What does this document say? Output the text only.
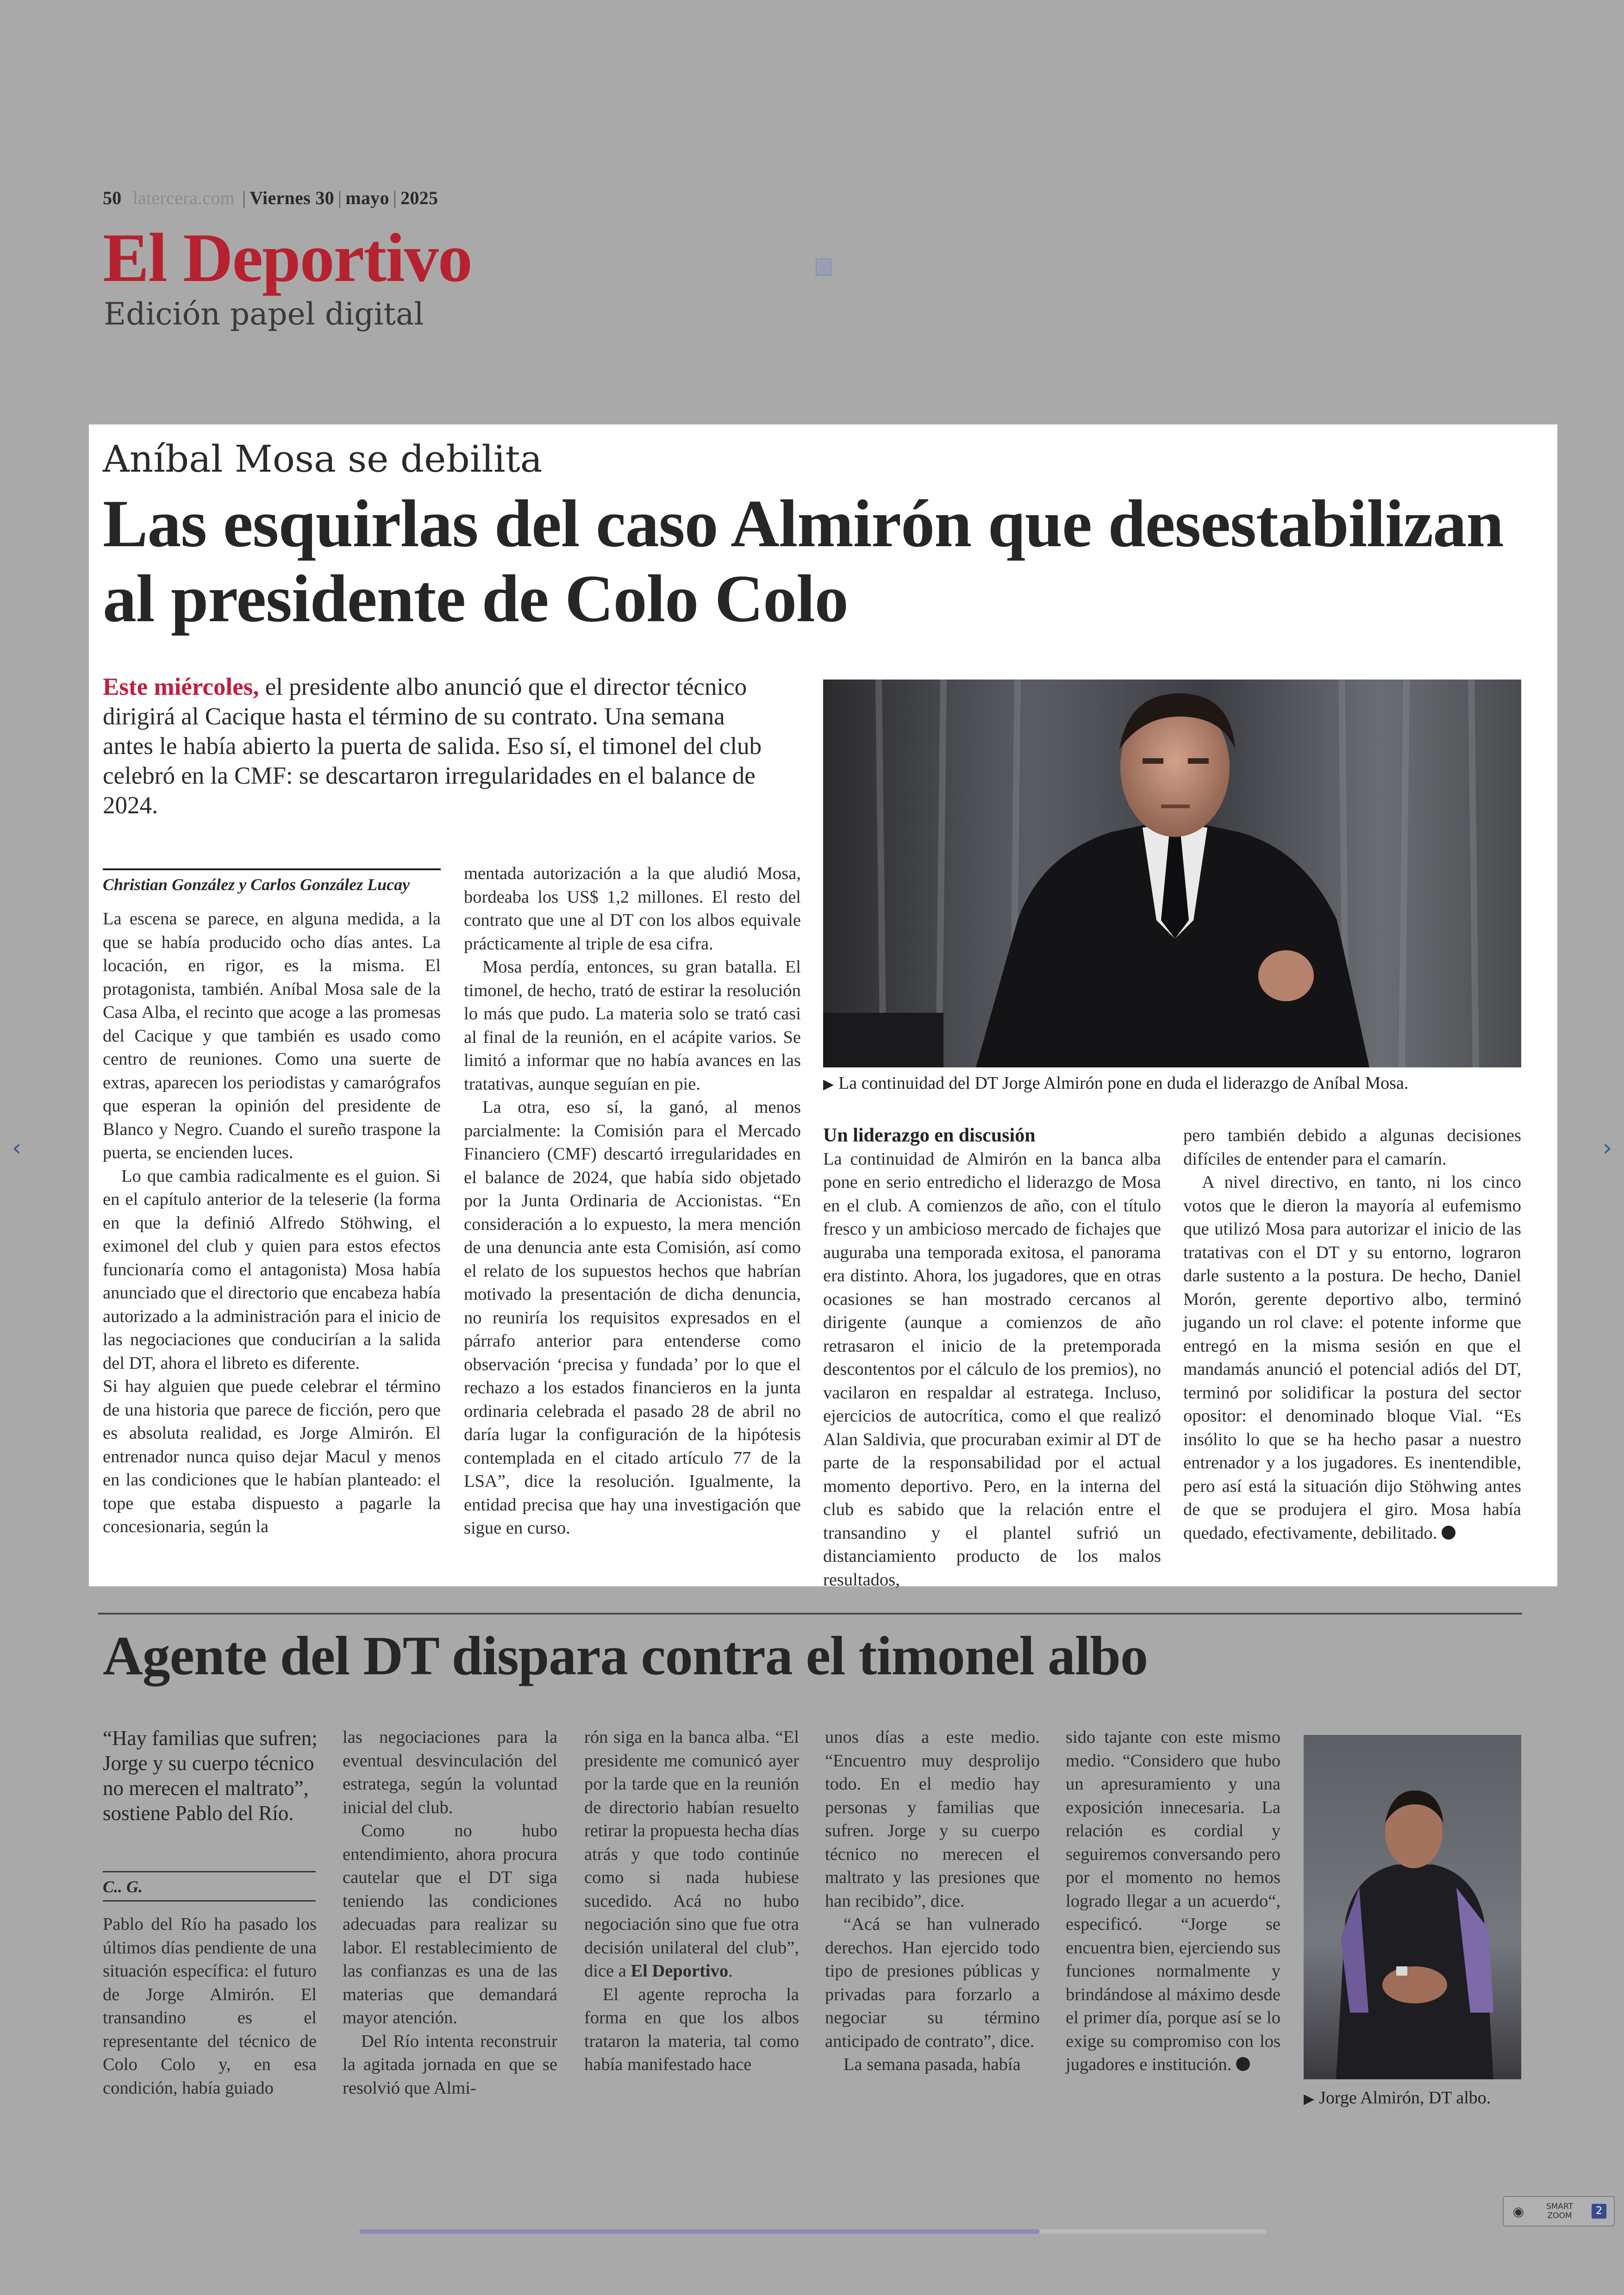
50 latercera.com | Viernes 30 | mayo | 2025
El Deportivo
Edición papel digital
‹	›
Aníbal Mosa se debilita
Las esquirlas del caso Almirón que desestabilizan al presidente de Colo Colo
Este miércoles, el presidente albo anunció que el director técnico dirigirá al Cacique hasta el término de su contrato. Una semana antes le había abierto la puerta de salida. Eso sí, el timonel del club celebró en la CMF: se descartaron irregularidades en el balance de 2024.
Christian González y Carlos González Lucay

La escena se parece, en alguna medida, a la que se había producido ocho días antes. La locación, en rigor, es la misma. El protagonista, también. Aníbal Mosa sale de la Casa Alba, el recinto que acoge a las promesas del Cacique y que también es usado como centro de reuniones. Como una suerte de extras, aparecen los periodistas y camarógrafos que esperan la opinión del presidente de Blanco y Negro. Cuando el sureño traspone la puerta, se encienden luces.

Lo que cambia radicalmente es el guion. Si en el capítulo anterior de la teleserie (la forma en que la definió Alfredo Stöhwing, el eximonel del club y quien para estos efectos funcionaría como el antagonista) Mosa había anunciado que el directorio que encabeza había autorizado a la administración para el inicio de las negociaciones que conducirían a la salida del DT, ahora el libreto es diferente.

Si hay alguien que puede celebrar el término de una historia que parece de ficción, pero que es absoluta realidad, es Jorge Almirón. El entrenador nunca quiso dejar Macul y menos en las condiciones que le habían planteado: el tope que estaba dispuesto a pagarle la concesionaria, según la

mentada autorización a la que aludió Mosa, bordeaba los US$ 1,2 millones. El resto del contrato que une al DT con los albos equivale prácticamente al triple de esa cifra.

Mosa perdía, entonces, su gran batalla. El timonel, de hecho, trató de estirar la resolución lo más que pudo. La materia solo se trató casi al final de la reunión, en el acápite varios. Se limitó a informar que no había avances en las tratativas, aunque seguían en pie.

La otra, eso sí, la ganó, al menos parcialmente: la Comisión para el Mercado Financiero (CMF) descartó irregularidades en el balance de 2024, que había sido objetado por la Junta Ordinaria de Accionistas. “En consideración a lo expuesto, la mera mención de una denuncia ante esta Comisión, así como el relato de los supuestos hechos que habrían motivado la presentación de dicha denuncia, no reuniría los requisitos expresados en el párrafo anterior para entenderse como observación ‘precisa y fundada’ por lo que el rechazo a los estados financieros en la junta ordinaria celebrada el pasado 28 de abril no daría lugar la configuración de la hipótesis contemplada en el citado artículo 77 de la LSA”, dice la resolución. Igualmente, la entidad precisa que hay una investigación que sigue en curso.

▶ La continuidad del DT Jorge Almirón pone en duda el liderazgo de Aníbal Mosa.

Un liderazgo en discusión

La continuidad de Almirón en la banca alba pone en serio entredicho el liderazgo de Mosa en el club. A comienzos de año, con el título fresco y un ambicioso mercado de fichajes que auguraba una temporada exitosa, el panorama era distinto. Ahora, los jugadores, que en otras ocasiones se han mostrado cercanos al dirigente (aunque a comienzos de año retrasaron el inicio de la pretemporada descontentos por el cálculo de los premios), no vacilaron en respaldar al estratega. Incluso, ejercicios de autocrítica, como el que realizó Alan Saldivia, que procuraban eximir al DT de parte de la responsabilidad por el actual momento deportivo. Pero, en la interna del club es sabido que la relación entre el transandino y el plantel sufrió un distanciamiento producto de los malos resultados,

pero también debido a algunas decisiones difíciles de entender para el camarín.

A nivel directivo, en tanto, ni los cinco votos que le dieron la mayoría al eufemismo que utilizó Mosa para autorizar el inicio de las tratativas con el DT y su entorno, lograron darle sustento a la postura. De hecho, Daniel Morón, gerente deportivo albo, terminó jugando un rol clave: el potente informe que entregó en la misma sesión en que el mandamás anunció el potencial adiós del DT, terminó por solidificar la postura del sector opositor: el denominado bloque Vial. “Es insólito lo que se ha hecho pasar a nuestro entrenador y a los jugadores. Es inentendible, pero así está la situación dijo Stöhwing antes de que se produjera el giro. Mosa había quedado, efectivamente, debilitado.

Agente del DT dispara contra el timonel albo
“Hay familias que sufren; Jorge y su cuerpo técnico no merecen el maltrato”, sostiene Pablo del Río.
C.. G.

Pablo del Río ha pasado los últimos días pendiente de una situación específica: el futuro de Jorge Almirón. El transandino es el representante del técnico de Colo Colo y, en esa condición, había guiado

las negociaciones para la eventual desvinculación del estratega, según la voluntad inicial del club.

Como no hubo entendimiento, ahora procura cautelar que el DT siga teniendo las condiciones adecuadas para realizar su labor. El restablecimiento de las confianzas es una de las materias que demandará mayor atención.

Del Río intenta reconstruir la agitada jornada en que se resolvió que Almi-

rón siga en la banca alba. “El presidente me comunicó ayer por la tarde que en la reunión de directorio habían resuelto retirar la propuesta hecha días atrás y que todo continúe como si nada hubiese sucedido. Acá no hubo negociación sino que fue otra decisión unilateral del club”, dice a El Deportivo.

El agente reprocha la forma en que los albos trataron la materia, tal como había manifestado hace

unos días a este medio. “Encuentro muy desprolijo todo. En el medio hay personas y familias que sufren. Jorge y su cuerpo técnico no merecen el maltrato y las presiones que han recibido”, dice.

“Acá se han vulnerado derechos. Han ejercido todo tipo de presiones públicas y privadas para forzarlo a negociar su término anticipado de contrato”, dice.

La semana pasada, había

sido tajante con este mismo medio. “Considero que hubo un apresuramiento y una exposición innecesaria. La relación es cordial y seguiremos conversando pero por el momento no hemos logrado llegar a un acuerdo“, especificó. “Jorge se encuentra bien, ejerciendo sus funciones normalmente y brindándose al máximo desde el primer día, porque así se lo exige su compromiso con los jugadores e institución.

▶ Jorge Almirón, DT albo.
◉	SMART
ZOOM	2
